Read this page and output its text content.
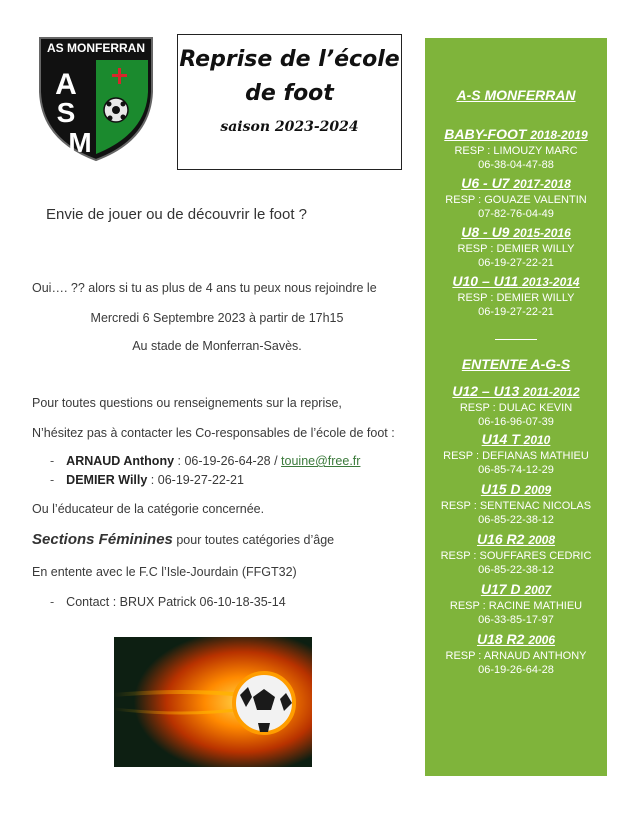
AS MONFERRAN
A
S
M
Reprise de l’école
de foot
saison 2023-2024
Envie de jouer ou de découvrir le foot ?
Oui…. ?? alors si tu as plus de 4 ans tu peux nous rejoindre le
Mercredi 6 Septembre 2023 à partir de 17h15
Au stade de Monferran-Savès.
Pour toutes questions ou renseignements sur la reprise,
N’hésitez pas à contacter les Co-responsables de l’école de foot :
- ARNAUD Anthony : 06-19-26-64-28 / touine@free.fr
- DEMIER Willy : 06-19-27-22-21
Ou l’éducateur de la catégorie concernée.
Sections Féminines pour toutes catégories d’âge
En entente avec le F.C l’Isle-Jourdain (FFGT32)
- Contact : BRUX Patrick 06-10-18-35-14
A-S MONFERRAN
BABY-FOOT 2018-2019
RESP : LIMOUZY MARC
06-38-04-47-88
U6 - U7 2017-2018
RESP : GOUAZE VALENTIN
07-82-76-04-49
U8 - U9 2015-2016
RESP : DEMIER WILLY
06-19-27-22-21
U10 – U11 2013-2014
RESP : DEMIER WILLY
06-19-27-22-21
ENTENTE A-G-S
U12 – U13 2011-2012
RESP : DULAC KEVIN
06-16-96-07-39
U14 T 2010
RESP : DEFIANAS MATHIEU
06-85-74-12-29
U15 D 2009
RESP : SENTENAC NICOLAS
06-85-22-38-12
U16 R2 2008
RESP : SOUFFARES CEDRIC
06-85-22-38-12
U17 D 2007
RESP : RACINE MATHIEU
06-33-85-17-97
U18 R2 2006
RESP : ARNAUD ANTHONY
06-19-26-64-28
